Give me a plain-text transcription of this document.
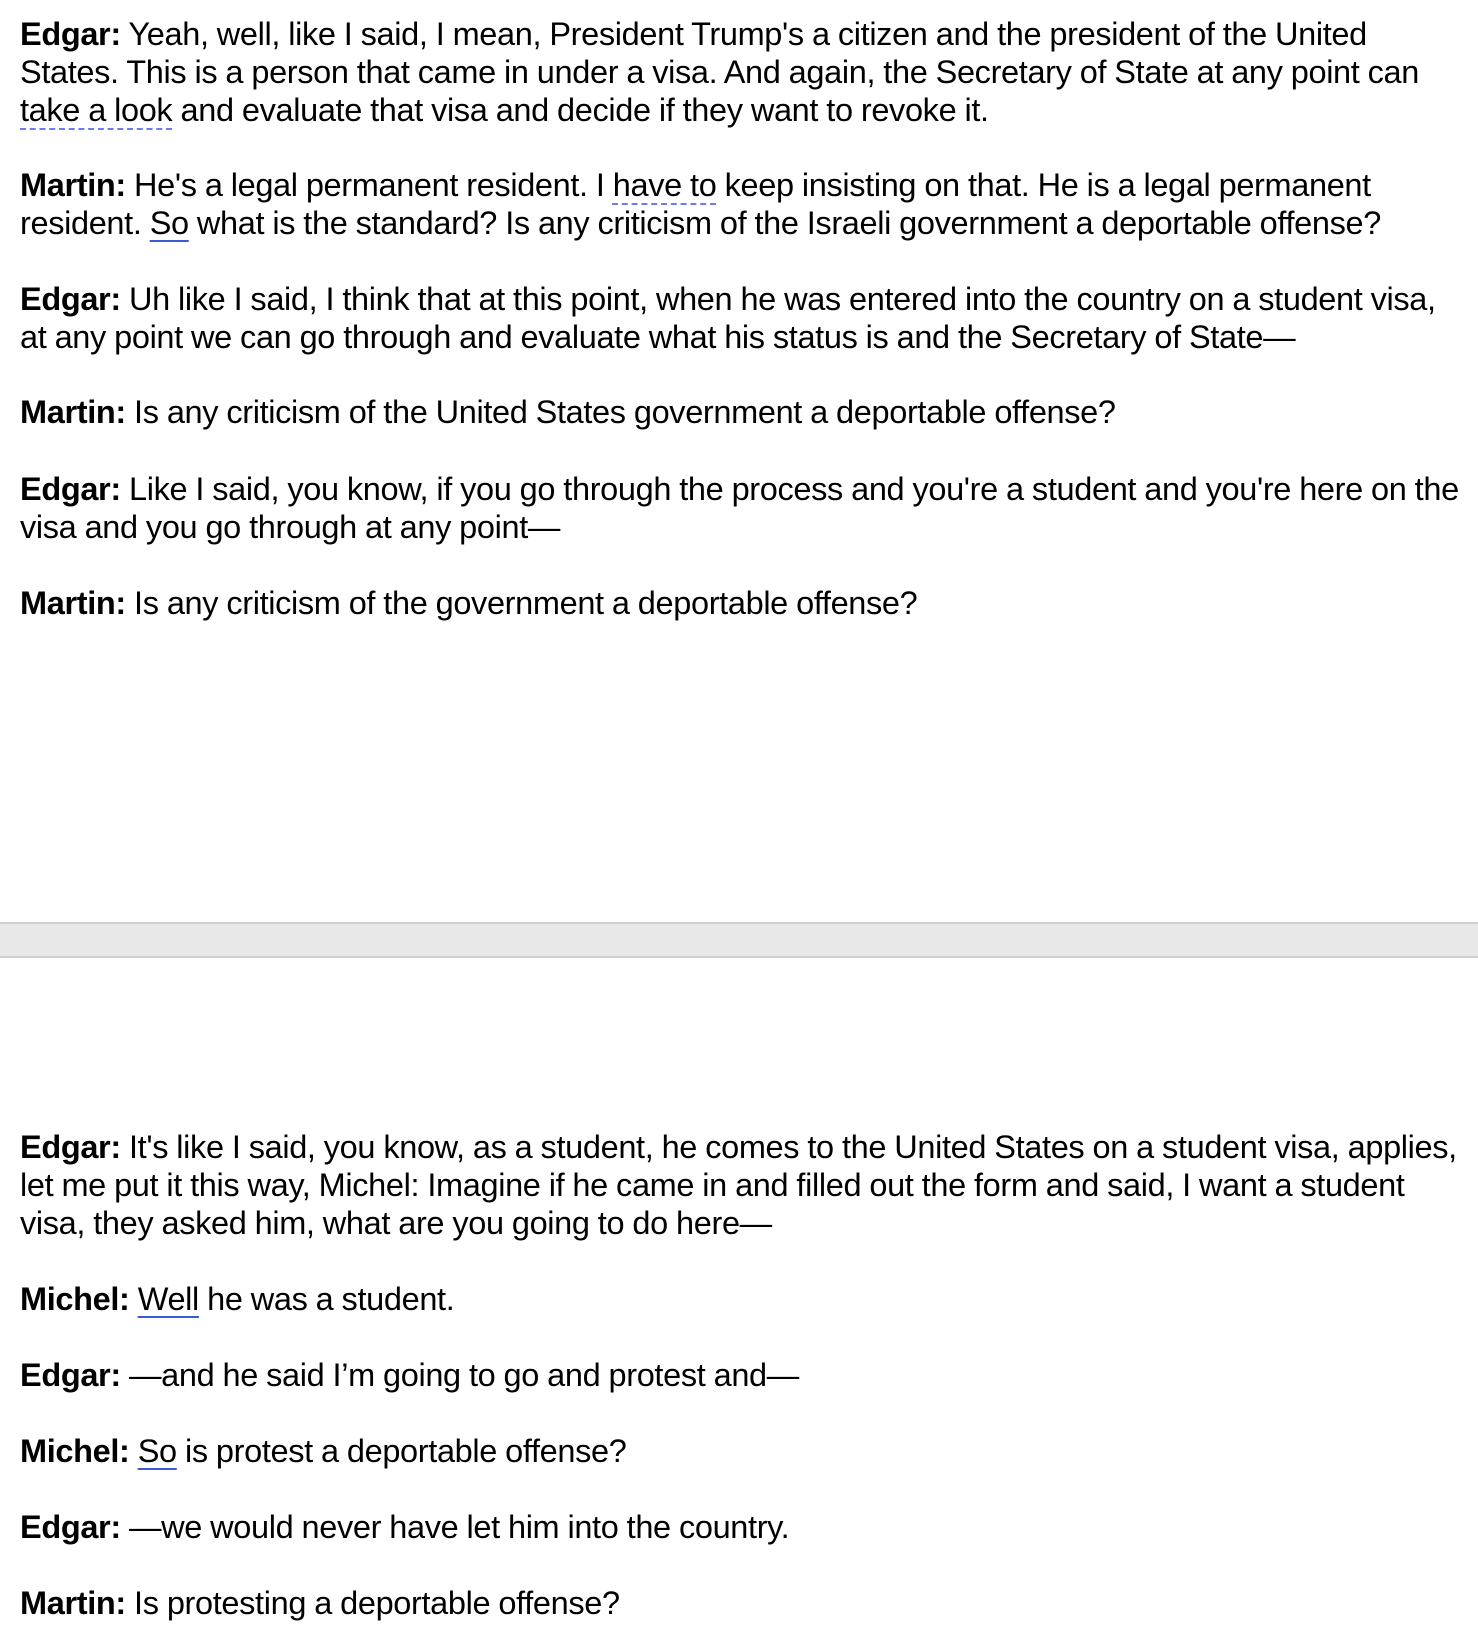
Edgar: Yeah, well, like I said, I mean, President Trump's a citizen and the president of the United States. This is a person that came in under a visa. And again, the Secretary of State at any point can take a look and evaluate that visa and decide if they want to revoke it.

Martin: He's a legal permanent resident. I have to keep insisting on that. He is a legal permanent resident. So what is the standard? Is any criticism of the Israeli government a deportable offense?

Edgar: Uh like I said, I think that at this point, when he was entered into the country on a student visa, at any point we can go through and evaluate what his status is and the Secretary of State—

Martin: Is any criticism of the United States government a deportable offense?

Edgar: Like I said, you know, if you go through the process and you're a student and you're here on the visa and you go through at any point—

Martin: Is any criticism of the government a deportable offense?

Edgar: It's like I said, you know, as a student, he comes to the United States on a student visa, applies, let me put it this way, Michel: Imagine if he came in and filled out the form and said, I want a student visa, they asked him, what are you going to do here—

Michel: Well he was a student.

Edgar: —and he said I’m going to go and protest and—

Michel: So is protest a deportable offense?

Edgar: —we would never have let him into the country.

Martin: Is protesting a deportable offense?
